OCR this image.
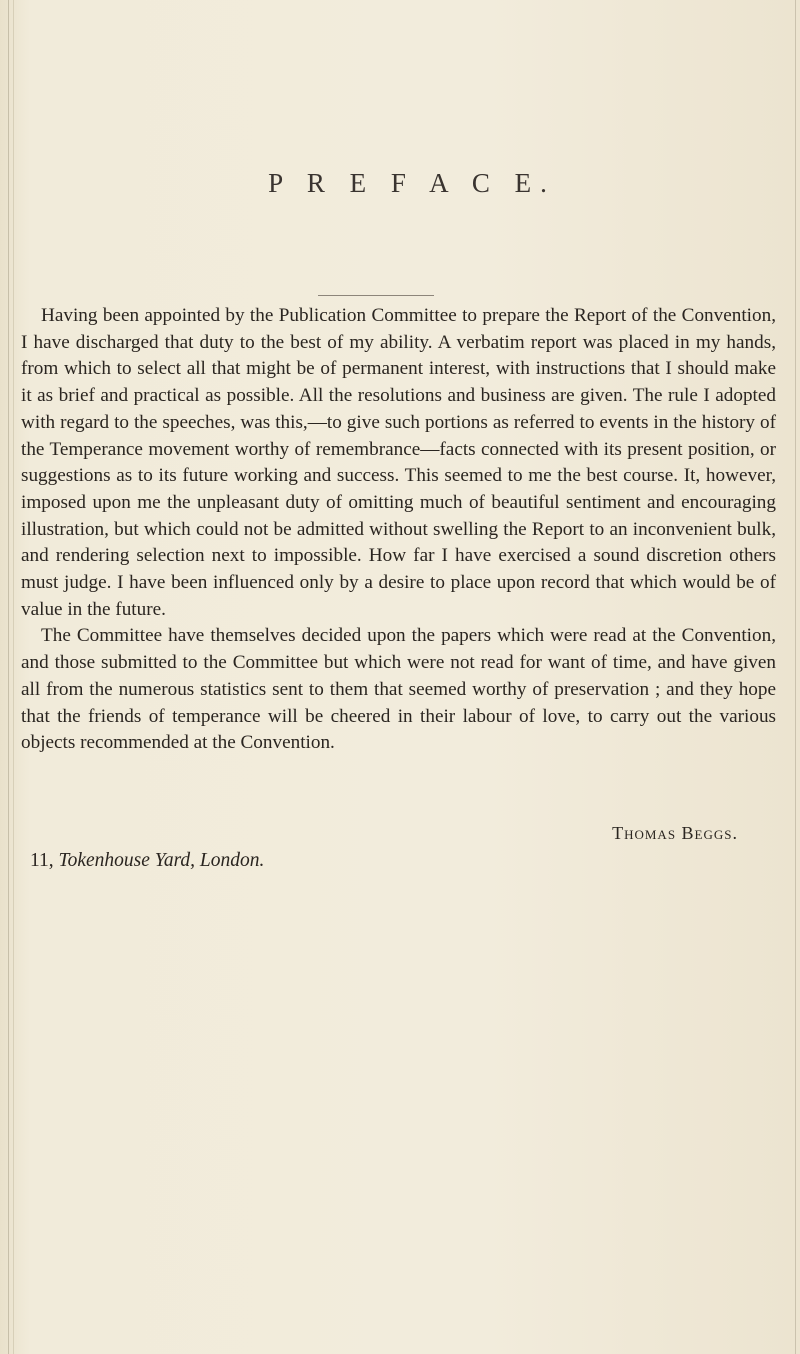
P R E F A C E.

Having been appointed by the Publication Committee to prepare the Report of the Convention, I have discharged that duty to the best of my ability. A verbatim report was placed in my hands, from which to select all that might be of permanent interest, with instructions that I should make it as brief and practical as possible. All the resolutions and business are given. The rule I adopted with regard to the speeches, was this,—to give such portions as referred to events in the history of the Temperance movement worthy of remembrance—facts connected with its present position, or suggestions as to its future working and success. This seemed to me the best course. It, however, imposed upon me the unpleasant duty of omitting much of beautiful sentiment and encouraging illustration, but which could not be admitted without swelling the Report to an inconvenient bulk, and rendering selection next to impossible. How far I have exercised a sound discretion others must judge. I have been influenced only by a desire to place upon record that which would be of value in the future.

The Committee have themselves decided upon the papers which were read at the Convention, and those submitted to the Committee but which were not read for want of time, and have given all from the numerous statistics sent to them that seemed worthy of preservation ; and they hope that the friends of temperance will be cheered in their labour of love, to carry out the various objects recommended at the Convention.

Thomas Beggs.
11, Tokenhouse Yard, London.
